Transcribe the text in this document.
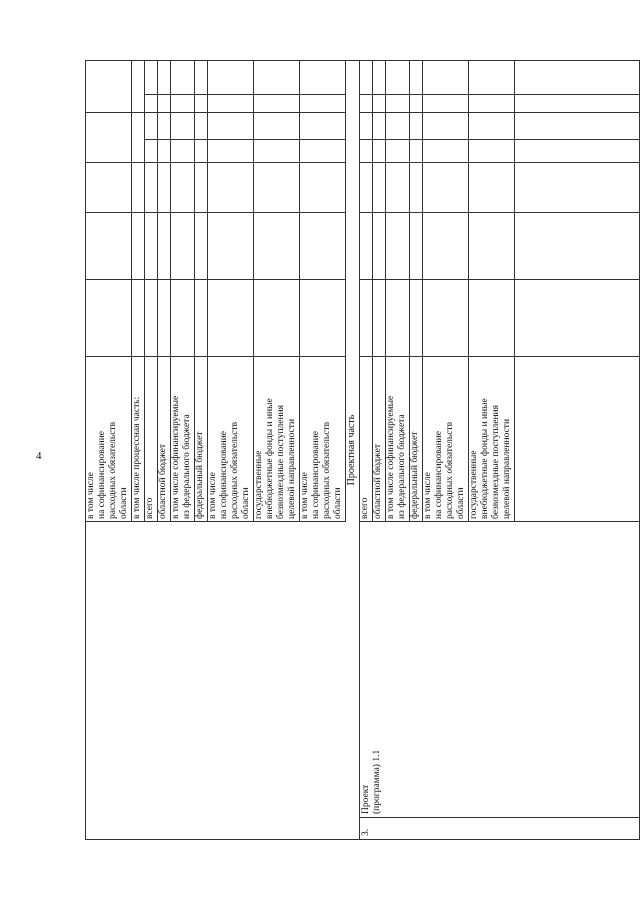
4
в том числе на софинансирование расходных обязательств области в том числе процессная часть: всего областной бюджет в том числе софинансируемые из федерального бюджета федеральный бюджет в том числе на софинансирование расходных обязательств области государственные внебюджетные фонды и иные безвозмездные поступления целевой направленности в том числе на софинансирование расходных обязательств области
Проектная часть
всего областной бюджет в том числе софинансируемые из федерального бюджета федеральный бюджет в том числе на софинансирование расходных обязательств области государственные внебюджетные фонды и иные безвозмездные поступления целевой направленности
3.
Проект (программа) 1.1
